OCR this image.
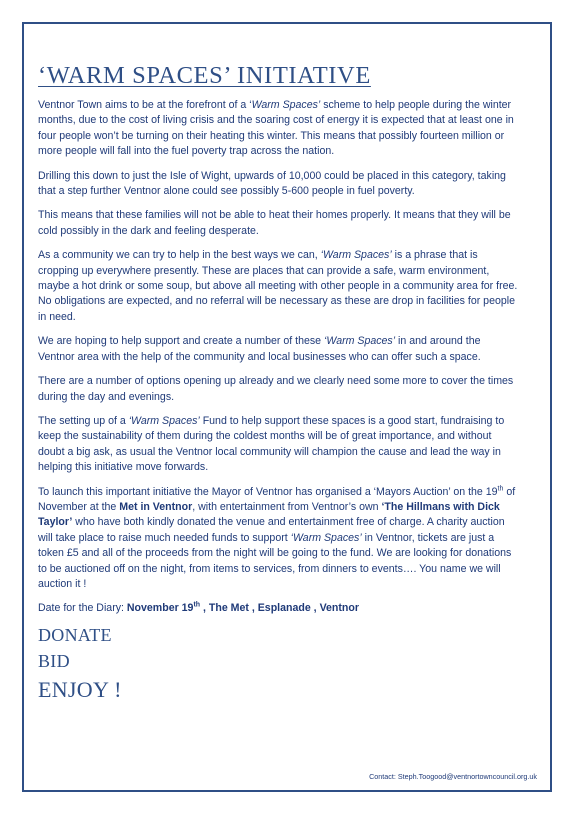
‘WARM SPACES’ INITIATIVE

Ventnor Town aims to be at the forefront of a ‘Warm Spaces’ scheme to help people during the winter months, due to the cost of living crisis and the soaring cost of energy it is expected that at least one in four people won’t be turning on their heating this winter. This means that possibly fourteen million or more people will fall into the fuel poverty trap across the nation.

Drilling this down to just the Isle of Wight, upwards of 10,000 could be placed in this category, taking that a step further Ventnor alone could see possibly 5-600 people in fuel poverty.

This means that these families will not be able to heat their homes properly. It means that they will be cold possibly in the dark and feeling desperate.

As a community we can try to help in the best ways we can, ‘Warm Spaces’ is a phrase that is cropping up everywhere presently. These are places that can provide a safe, warm environment, maybe a hot drink or some soup, but above all meeting with other people in a community area for free. No obligations are expected, and no referral will be necessary as these are drop in facilities for people in need.

We are hoping to help support and create a number of these ‘Warm Spaces’ in and around the Ventnor area with the help of the community and local businesses who can offer such a space.

There are a number of options opening up already and we clearly need some more to cover the times during the day and evenings.

The setting up of a ‘Warm Spaces’ Fund to help support these spaces is a good start, fundraising to keep the sustainability of them during the coldest months will be of great importance, and without doubt a big ask, as usual the Ventnor local community will champion the cause and lead the way in helping this initiative move forwards.

To launch this important initiative the Mayor of Ventnor has organised a ‘Mayors Auction’ on the 19th of November at the Met in Ventnor, with entertainment from Ventnor’s own ‘The Hillmans with Dick Taylor’ who have both kindly donated the venue and entertainment free of charge. A charity auction will take place to raise much needed funds to support ‘Warm Spaces’ in Ventnor, tickets are just a token £5 and all of the proceeds from the night will be going to the fund. We are looking for donations to be auctioned off on the night, from items to services, from dinners to events…. You name we will auction it !

Date for the Diary: November 19th , The Met , Esplanade , Ventnor

DONATE
BID
ENJOY !
Contact: Steph.Toogood@ventnortowncouncil.org.uk
